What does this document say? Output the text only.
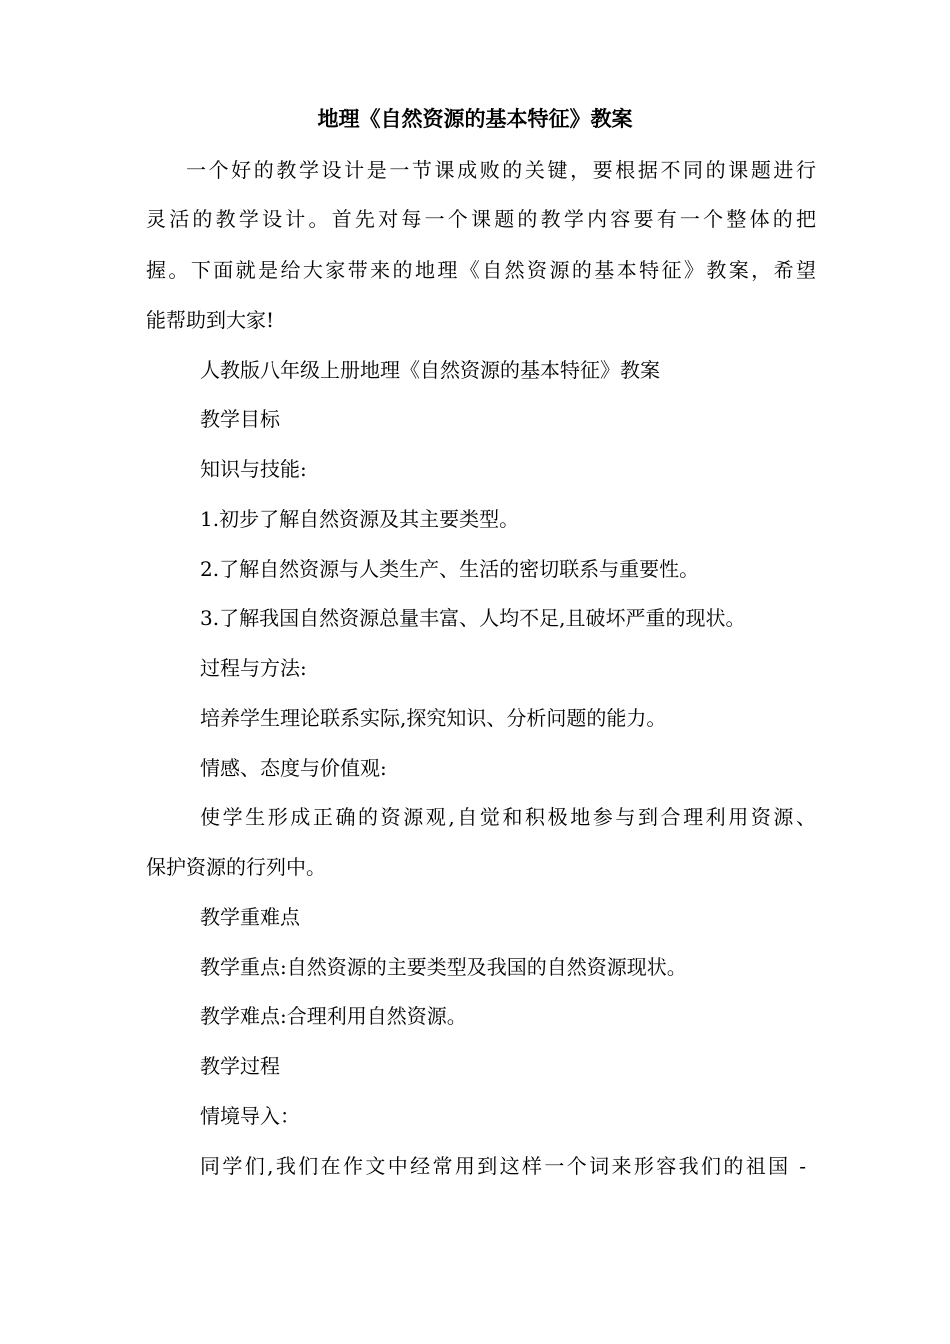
地理《自然资源的基本特征》教案
一个好的教学设计是一节课成败的关键，要根据不同的课题进行
灵活的教学设计。首先对每一个课题的教学内容要有一个整体的把
握。下面就是给大家带来的地理《自然资源的基本特征》教案，希望
能帮助到大家!
人教版八年级上册地理《自然资源的基本特征》教案
教学目标
知识与技能:
1.初步了解自然资源及其主要类型。
2.了解自然资源与人类生产、生活的密切联系与重要性。
3.了解我国自然资源总量丰富、人均不足,且破坏严重的现状。
过程与方法:
培养学生理论联系实际,探究知识、分析问题的能力。
情感、态度与价值观:
使学生形成正确的资源观,自觉和积极地参与到合理利用资源、
保护资源的行列中。
教学重难点
教学重点:自然资源的主要类型及我国的自然资源现状。
教学难点:合理利用自然资源。
教学过程
情境导入：
同学们,我们在作文中经常用到这样一个词来形容我们的祖国 -
